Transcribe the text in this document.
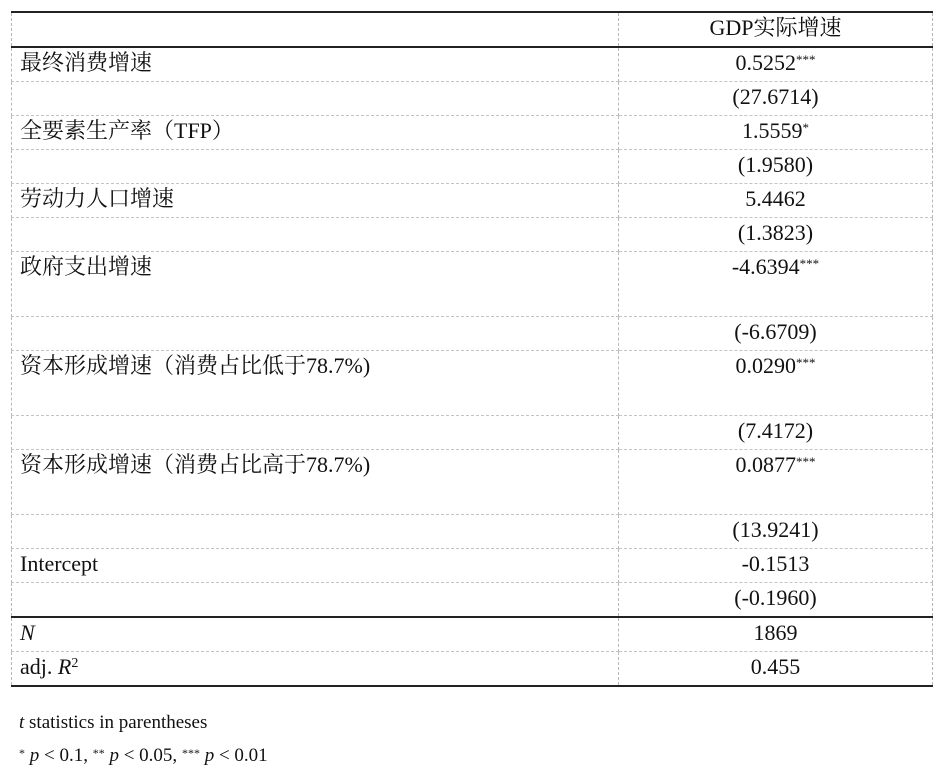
	GDP实际增速
最终消费增速	0.5252***
	(27.6714)
全要素生产率（TFP）	1.5559*
	(1.9580)
劳动力人口增速	5.4462
	(1.3823)
政府支出增速	-4.6394***
	(-6.6709)
资本形成增速（消费占比低于78.7%)	0.0290***
	(7.4172)
资本形成增速（消费占比高于78.7%)	0.0877***
	(13.9241)
Intercept	-0.1513
	(-0.1960)
N	1869
adj. $R^2$	0.455
t statistics in parentheses
* p < 0.1, ** p < 0.05, *** p < 0.01
